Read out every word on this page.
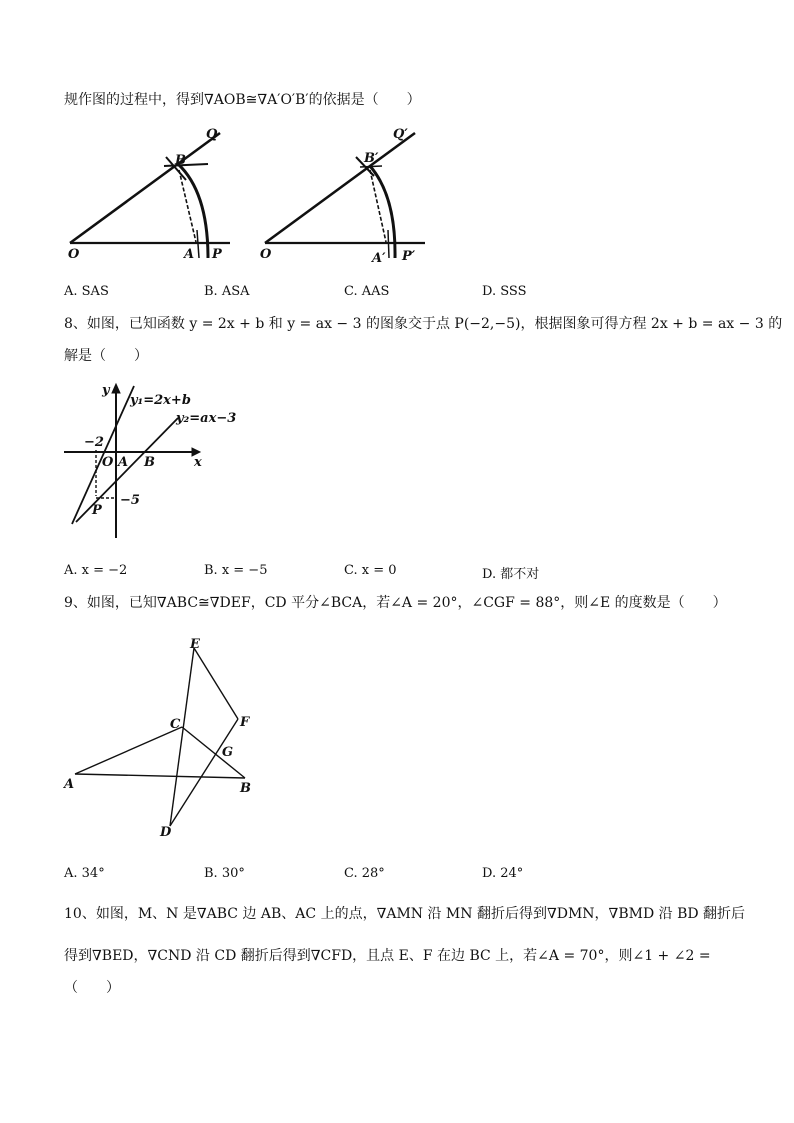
规作图的过程中，得到∇AOB≅∇A′O′B′的依据是（　　）
O	A P
B
Q
O	A′ P′
B′
Q′
A. SAS	B. ASA	C. AAS	D. SSS
8、如图，已知函数 y = 2x + b 和 y = ax − 3 的图象交于点 P(−2,−5)，根据图象可得方程 2x + b = ax − 3 的
解是（　　）
y
x
y₁=2x+b
y₂=ax−3
−2
O A B
−5
P
A. x = −2	B. x = −5	C. x = 0	D. 都不对
9、如图，已知∇ABC≅∇DEF，CD 平分∠BCA，若∠A = 20°，∠CGF = 88°，则∠E 的度数是（　　）
E
C	F
G
A	B
D
A. 34°	B. 30°	C. 28°	D. 24°
10、如图，M、N 是∇ABC 边 AB、AC 上的点，∇AMN 沿 MN 翻折后得到∇DMN，∇BMD 沿 BD 翻折后
得到∇BED，∇CND 沿 CD 翻折后得到∇CFD，且点 E、F 在边 BC 上，若∠A = 70°，则∠1 + ∠2 =
（　　）
